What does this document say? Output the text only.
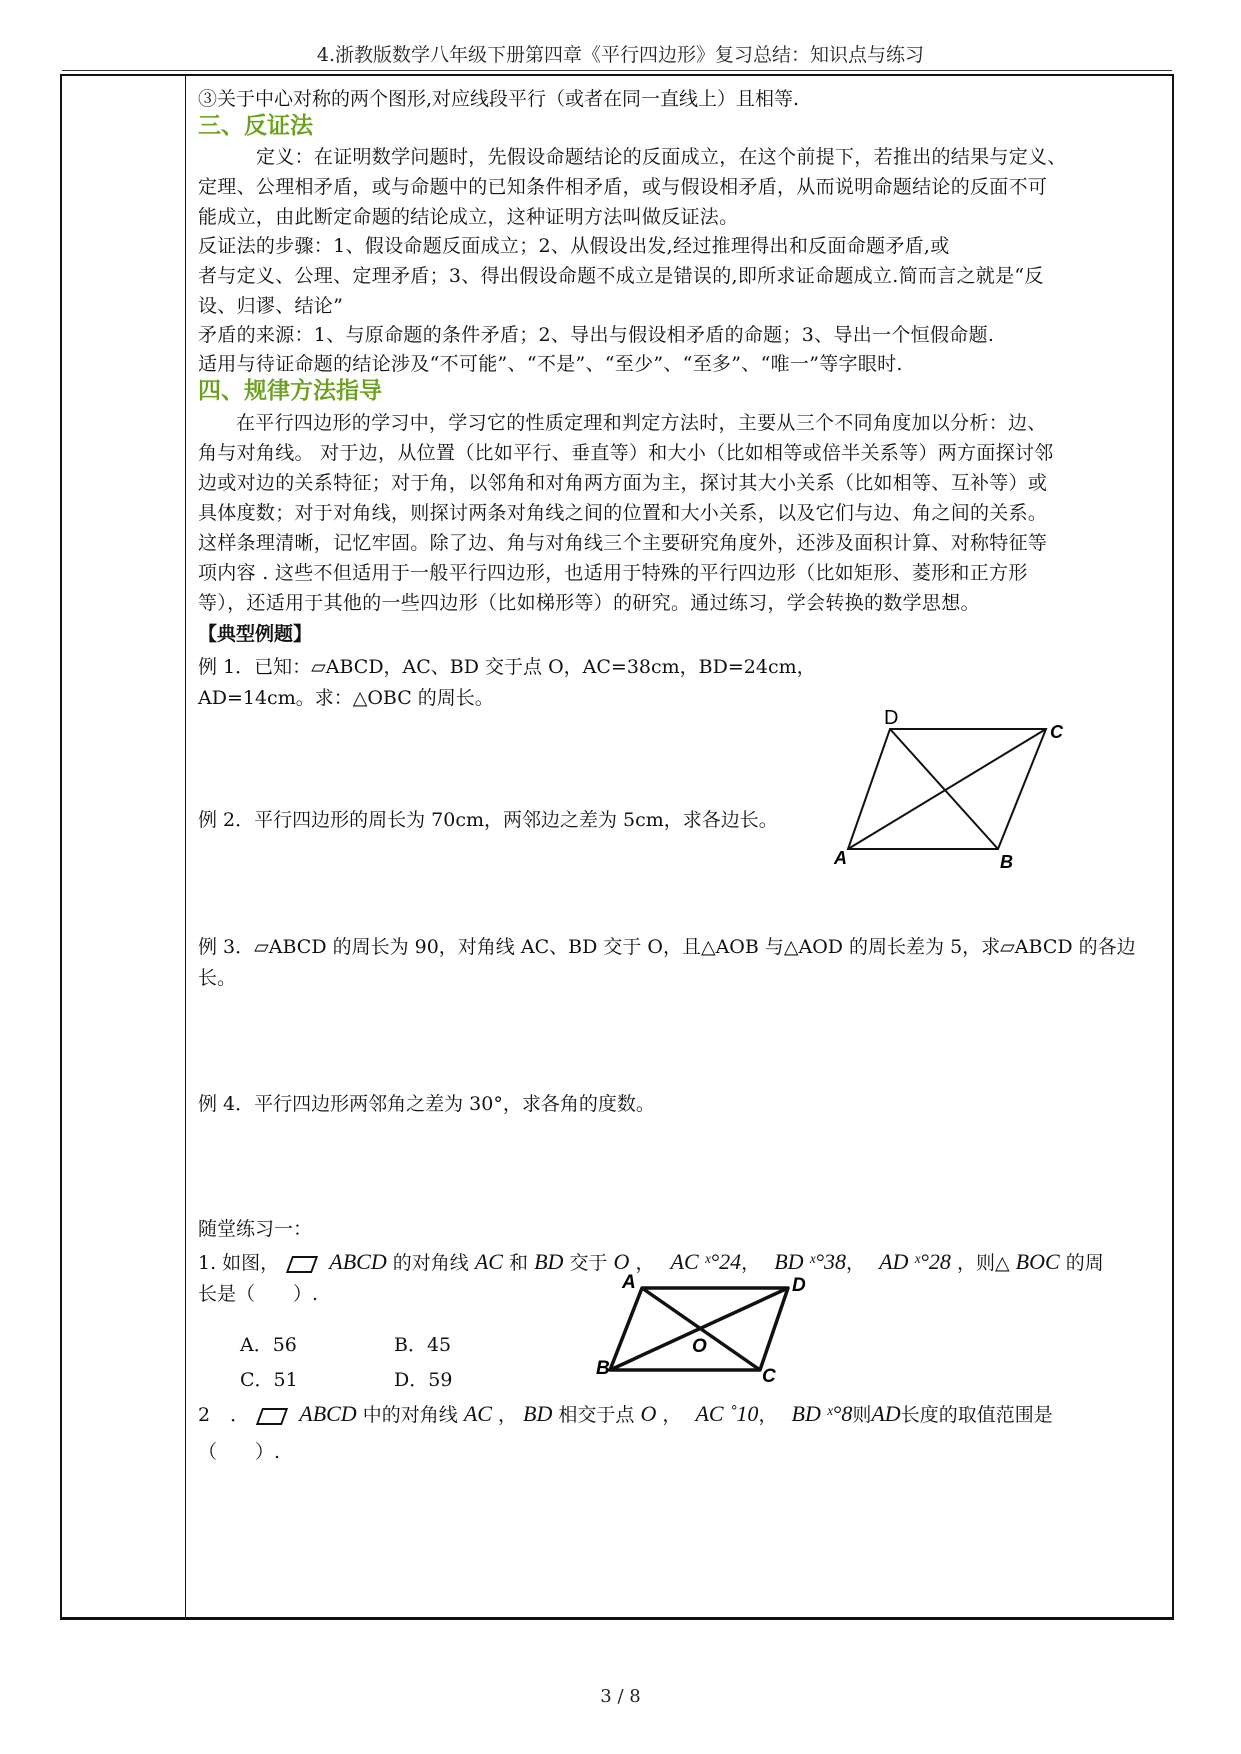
4.浙教版数学八年级下册第四章《平行四边形》复习总结：知识点与练习
③关于中心对称的两个图形,对应线段平行（或者在同一直线上）且相等.
三、反证法
定义：在证明数学问题时，先假设命题结论的反面成立，在这个前提下，若推出的结果与定义、
定理、公理相矛盾，或与命题中的已知条件相矛盾，或与假设相矛盾，从而说明命题结论的反面不可
能成立，由此断定命题的结论成立，这种证明方法叫做反证法。
反证法的步骤：1、假设命题反面成立；2、从假设出发,经过推理得出和反面命题矛盾,或
者与定义、公理、定理矛盾；3、得出假设命题不成立是错误的,即所求证命题成立.简而言之就是“反
设、归谬、结论”
矛盾的来源：1、与原命题的条件矛盾；2、导出与假设相矛盾的命题；3、导出一个恒假命题.
适用与待证命题的结论涉及“不可能”、“不是”、“至少”、“至多”、“唯一”等字眼时.
四、规律方法指导
在平行四边形的学习中，学习它的性质定理和判定方法时，主要从三个不同角度加以分析：边、
角与对角线。 对于边，从位置（比如平行、垂直等）和大小（比如相等或倍半关系等）两方面探讨邻
边或对边的关系特征；对于角，以邻角和对角两方面为主，探讨其大小关系（比如相等、互补等）或
具体度数；对于对角线，则探讨两条对角线之间的位置和大小关系，以及它们与边、角之间的关系。
这样条理清晰，记忆牢固。除了边、角与对角线三个主要研究角度外，还涉及面积计算、对称特征等
项内容 . 这些不但适用于一般平行四边形，也适用于特殊的平行四边形（比如矩形、菱形和正方形
等），还适用于其他的一些四边形（比如梯形等）的研究。通过练习，学会转换的数学思想。
【典型例题】
例 1．已知：▱ABCD，AC、BD 交于点 O，AC=38cm，BD=24cm，
AD=14cm。求：△OBC 的周长。
D
C
A	B
例 2．平行四边形的周长为 70cm，两邻边之差为 5cm，求各边长。
例 3．▱ABCD 的周长为 90，对角线 AC、BD 交于 O，且△AOB 与△AOD 的周长差为 5，求▱ABCD 的各边
长。
例 4．平行四边形两邻角之差为 30°，求各角的度数。
随堂练习一：
1. 如图， ABCD 的对角线 AC 和 BD 交于 O ， AC ˣ°24， BD ˣ°38， AD ˣ°28 ，则△ BOC 的周
长是（　　）.
A	D
B	C
O
A．56	B．45
C．51	D．59
2 ． ABCD 中的对角线 AC ， BD 相交于点 O ， AC ˚10， BD ˣ°8则AD长度的取值范围是
（　　）.
3 / 8
